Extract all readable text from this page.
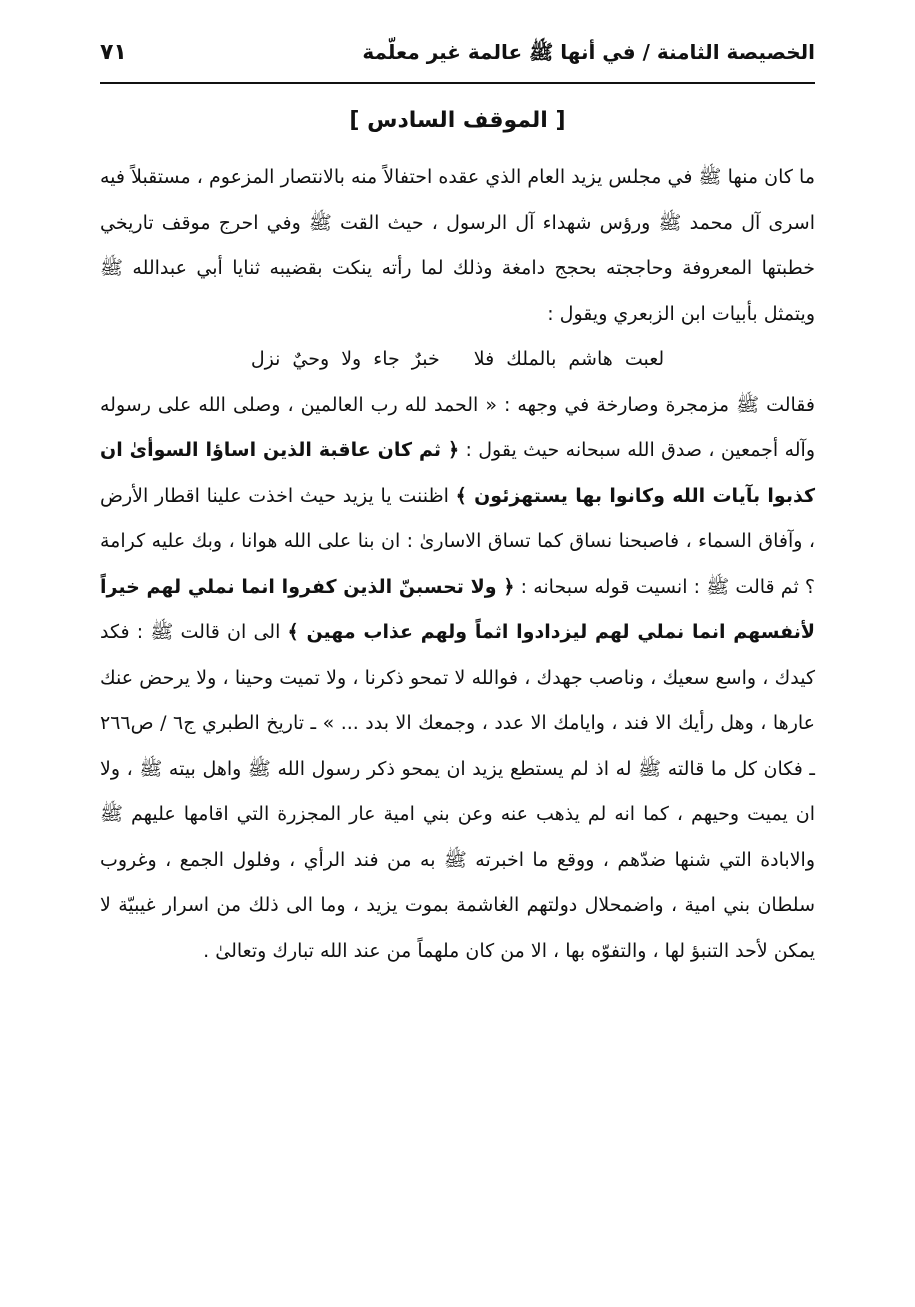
الخصيصة الثامنة / في أنها ﷺ عالمة غير معلّمة
٧١
[ الموقف السادس ]

ما كان منها ﷺ في مجلس يزيد العام الذي عقده احتفالاً منه بالانتصار المزعوم ، مستقبلاً فيه اسرى آل محمد ﷺ ورؤس شهداء آل الرسول ، حيث القت ﷺ وفي احرج موقف تاريخي خطبتها المعروفة وحاججته بحجج دامغة وذلك لما رأته ينكت بقضيبه ثنايا أبي عبدالله ﷺ ويتمثل بأبيات ابن الزبعري ويقول :

لعبت هاشم بالملك فلاخبرٌ جاء ولا وحيٌ نزل

فقالت ﷺ مزمجرة وصارخة في وجهه : « الحمد لله رب العالمين ، وصلى الله على رسوله وآله أجمعين ، صدق الله سبحانه حيث يقول : ﴿ ثم كان عاقبة الذين اساؤا السوأىٰ ان كذبوا بآيات الله وكانوا بها يستهزئون ﴾ اظننت يا يزيد حيث اخذت علينا اقطار الأرض ، وآفاق السماء ، فاصبحنا نساق كما تساق الاسارىٰ : ان بنا على الله هوانا ، وبك عليه كرامة ؟ ثم قالت ﷺ : انسيت قوله سبحانه : ﴿ ولا تحسبنّ الذين كفروا انما نملي لهم خيراً لأنفسهم انما نملي لهم ليزدادوا اثماً ولهم عذاب مهين ﴾ الى ان قالت ﷺ : فكد كيدك ، واسع سعيك ، وناصب جهدك ، فوالله لا تمحو ذكرنا ، ولا تميت وحينا ، ولا يرحض عنك عارها ، وهل رأيك الا فند ، وايامك الا عدد ، وجمعك الا بدد ... » ـ تاريخ الطبري ج٦ / ص٢٦٦ ـ فكان كل ما قالته ﷺ له اذ لم يستطع يزيد ان يمحو ذكر رسول الله ﷺ واهل بيته ﷺ ، ولا ان يميت وحيهم ، كما انه لم يذهب عنه وعن بني امية عار المجزرة التي اقامها عليهم ﷺ والابادة التي شنها ضدّهم ، ووقع ما اخبرته ﷺ به من فند الرأي ، وفلول الجمع ، وغروب سلطان بني امية ، واضمحلال دولتهم الغاشمة بموت يزيد ، وما الى ذلك من اسرار غيبيّة لا يمكن لأحد التنبؤ لها ، والتفوّه بها ، الا من كان ملهماً من عند الله تبارك وتعالىٰ .
